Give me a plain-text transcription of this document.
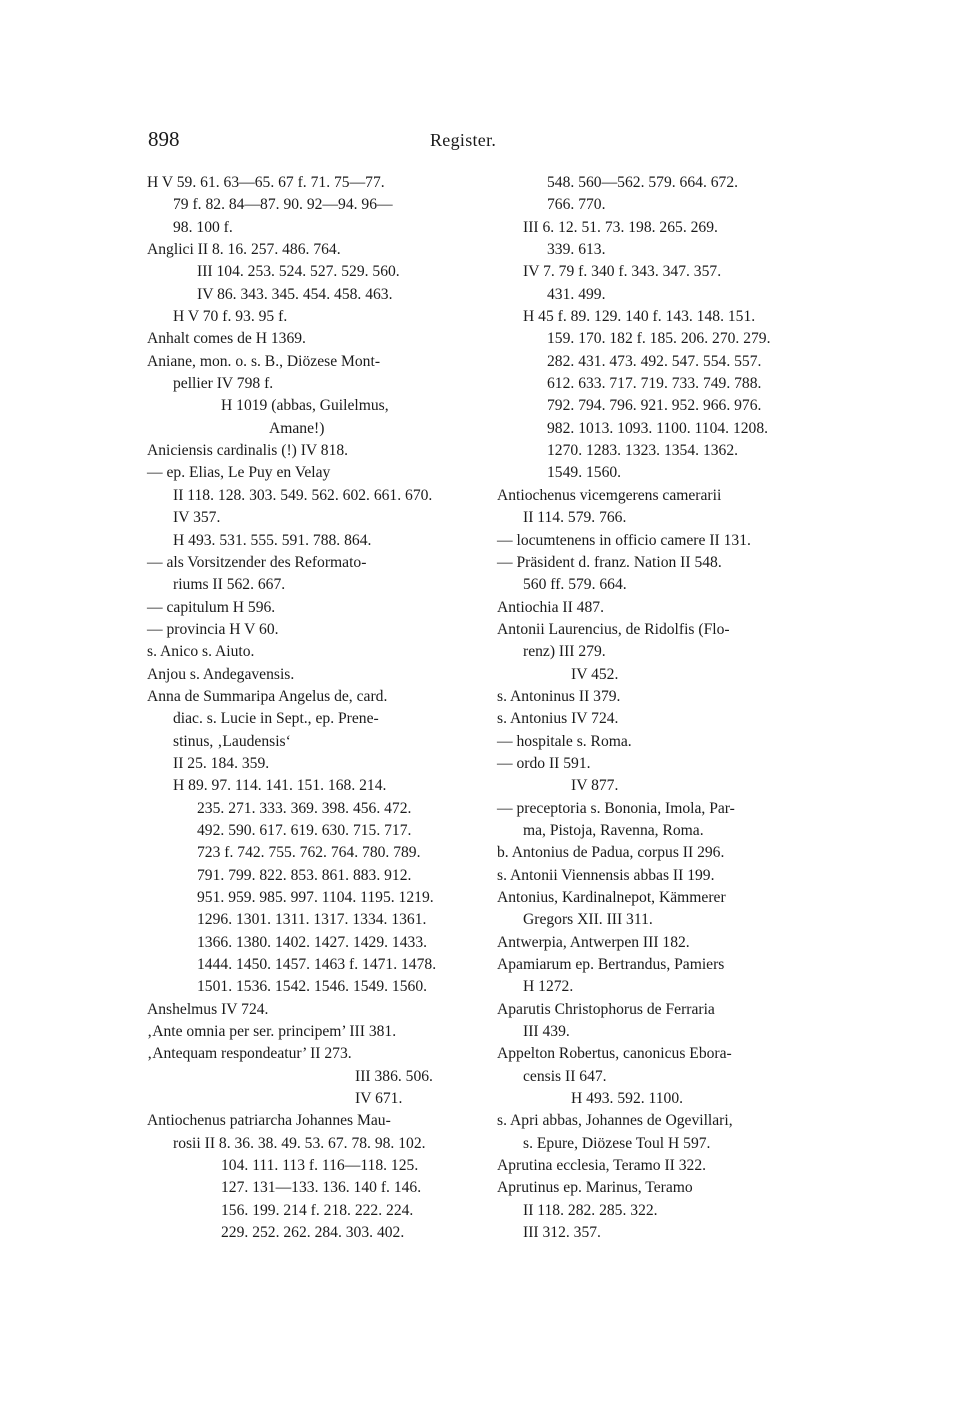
898	Register.
H V 59. 61. 63—65. 67 f. 71. 75—77.
79 f. 82. 84—87. 90. 92—94. 96—
98. 100 f.
Anglici II 8. 16. 257. 486. 764.
III 104. 253. 524. 527. 529. 560.
IV 86. 343. 345. 454. 458. 463.
H V 70 f. 93. 95 f.
Anhalt comes de H 1369.
Aniane, mon. o. s. B., Diözese Mont-
pellier IV 798 f.
H 1019 (abbas, Guilelmus,
Amane!)
Aniciensis cardinalis (!) IV 818.
— ep. Elias, Le Puy en Velay
II 118. 128. 303. 549. 562. 602. 661. 670.
IV 357.
H 493. 531. 555. 591. 788. 864.
— als Vorsitzender des Reformato-
riums II 562. 667.
— capitulum H 596.
— provincia H V 60.
s. Anico s. Aiuto.
Anjou s. Andegavensis.
Anna de Summaripa Angelus de, card.
diac. s. Lucie in Sept., ep. Prene-
stinus, ‚Laudensis‘
II 25. 184. 359.
H 89. 97. 114. 141. 151. 168. 214.
235. 271. 333. 369. 398. 456. 472.
492. 590. 617. 619. 630. 715. 717.
723 f. 742. 755. 762. 764. 780. 789.
791. 799. 822. 853. 861. 883. 912.
951. 959. 985. 997. 1104. 1195. 1219.
1296. 1301. 1311. 1317. 1334. 1361.
1366. 1380. 1402. 1427. 1429. 1433.
1444. 1450. 1457. 1463 f. 1471. 1478.
1501. 1536. 1542. 1546. 1549. 1560.
Anshelmus IV 724.
‚Ante omnia per ser. principem’ III 381.
‚Antequam respondeatur’ II 273.
III 386. 506.
IV 671.
Antiochenus patriarcha Johannes Mau-
rosii II 8. 36. 38. 49. 53. 67. 78. 98. 102.
104. 111. 113 f. 116—118. 125.
127. 131—133. 136. 140 f. 146.
156. 199. 214 f. 218. 222. 224.
229. 252. 262. 284. 303. 402.
548. 560—562. 579. 664. 672.
766. 770.
III 6. 12. 51. 73. 198. 265. 269.
339. 613.
IV 7. 79 f. 340 f. 343. 347. 357.
431. 499.
H 45 f. 89. 129. 140 f. 143. 148. 151.
159. 170. 182 f. 185. 206. 270. 279.
282. 431. 473. 492. 547. 554. 557.
612. 633. 717. 719. 733. 749. 788.
792. 794. 796. 921. 952. 966. 976.
982. 1013. 1093. 1100. 1104. 1208.
1270. 1283. 1323. 1354. 1362.
1549. 1560.
Antiochenus vicemgerens camerarii
II 114. 579. 766.
— locumtenens in officio camere II 131.
— Präsident d. franz. Nation II 548.
560 ff. 579. 664.
Antiochia II 487.
Antonii Laurencius, de Ridolfis (Flo-
renz) III 279.
IV 452.
s. Antoninus II 379.
s. Antonius IV 724.
— hospitale s. Roma.
— ordo II 591.
IV 877.
— preceptoria s. Bononia, Imola, Par-
ma, Pistoja, Ravenna, Roma.
b. Antonius de Padua, corpus II 296.
s. Antonii Viennensis abbas II 199.
Antonius, Kardinalnepot, Kämmerer
Gregors XII. III 311.
Antwerpia, Antwerpen III 182.
Apamiarum ep. Bertrandus, Pamiers
H 1272.
Aparutis Christophorus de Ferraria
III 439.
Appelton Robertus, canonicus Ebora-
censis II 647.
H 493. 592. 1100.
s. Apri abbas, Johannes de Ogevillari,
s. Epure, Diözese Toul H 597.
Aprutina ecclesia, Teramo II 322.
Aprutinus ep. Marinus, Teramo
II 118. 282. 285. 322.
III 312. 357.
